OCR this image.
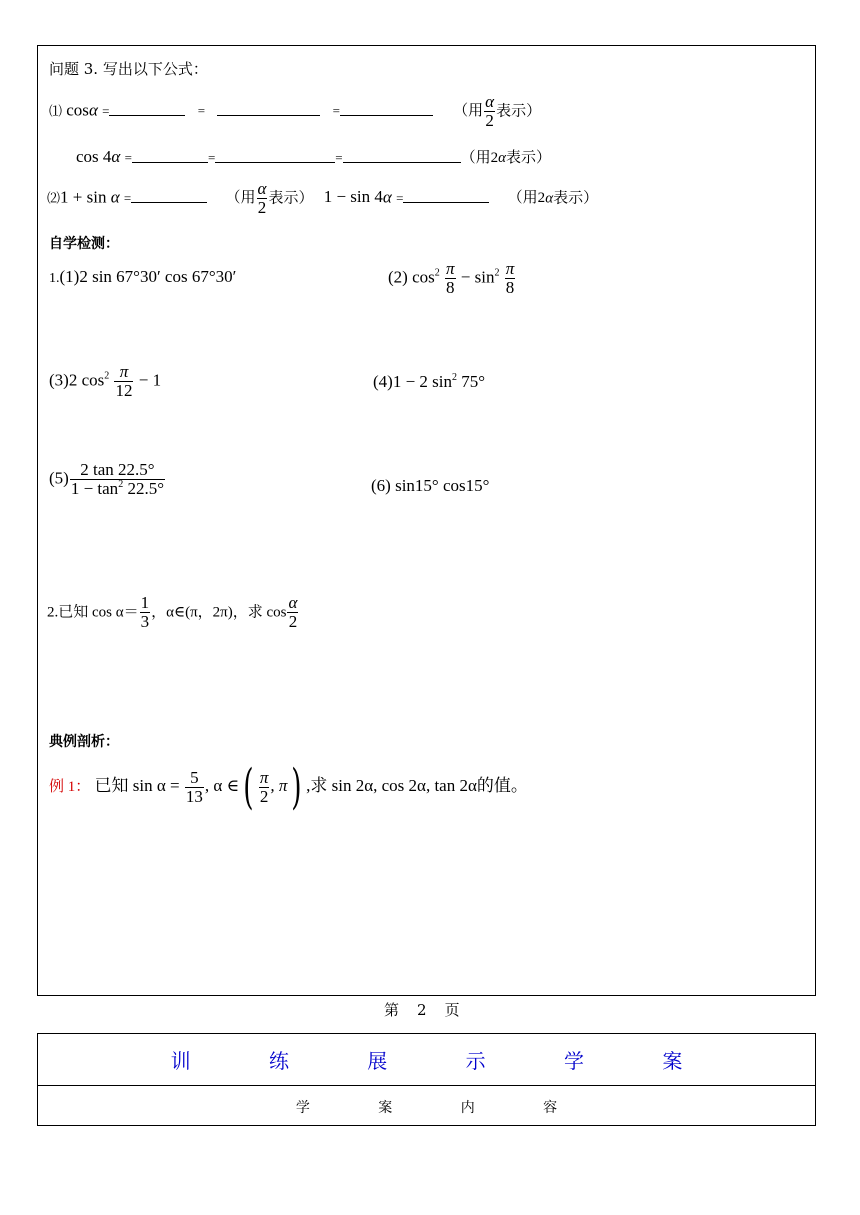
问题 3. 写出以下公式：
⑴ cosα =	=	=	（用 $\frac{\alpha}{2}$ 表示）
cos 4α =	=	=	（用2α表示）
⑵1 + sin α =	（用 $\frac{\alpha}{2}$ 表示） 1 − sin 4α =	（用2α表示）
自学检测：
1.(1)2 sin 67°30′ cos 67°30′	(2) $\cos^2 \frac{\pi}{8} - \sin^2 \frac{\pi}{8}$
(3)2 $\cos^2 \frac{\pi}{12} - 1$	(4)1 − 2 $\sin^2 75^\circ$
$(5) \frac{2 \tan 22.5^\circ}{1 - \tan^2 22.5^\circ}$	(6) sin15° cos15°
2.已知 $\cos \alpha= \frac{1}{3}$ ，α∈(π，2π)，求 $\cos \frac{\alpha}{2}$
典例剖析：
例 1： 已知 $\sin \alpha = \frac{5}{13}$ , α ∈( $\frac{\pi}{2}$ , π) ,求 sin 2α, cos 2α, tan 2α的值。
第 2 页
训 练 展 示 学 案
学 案 内 容
